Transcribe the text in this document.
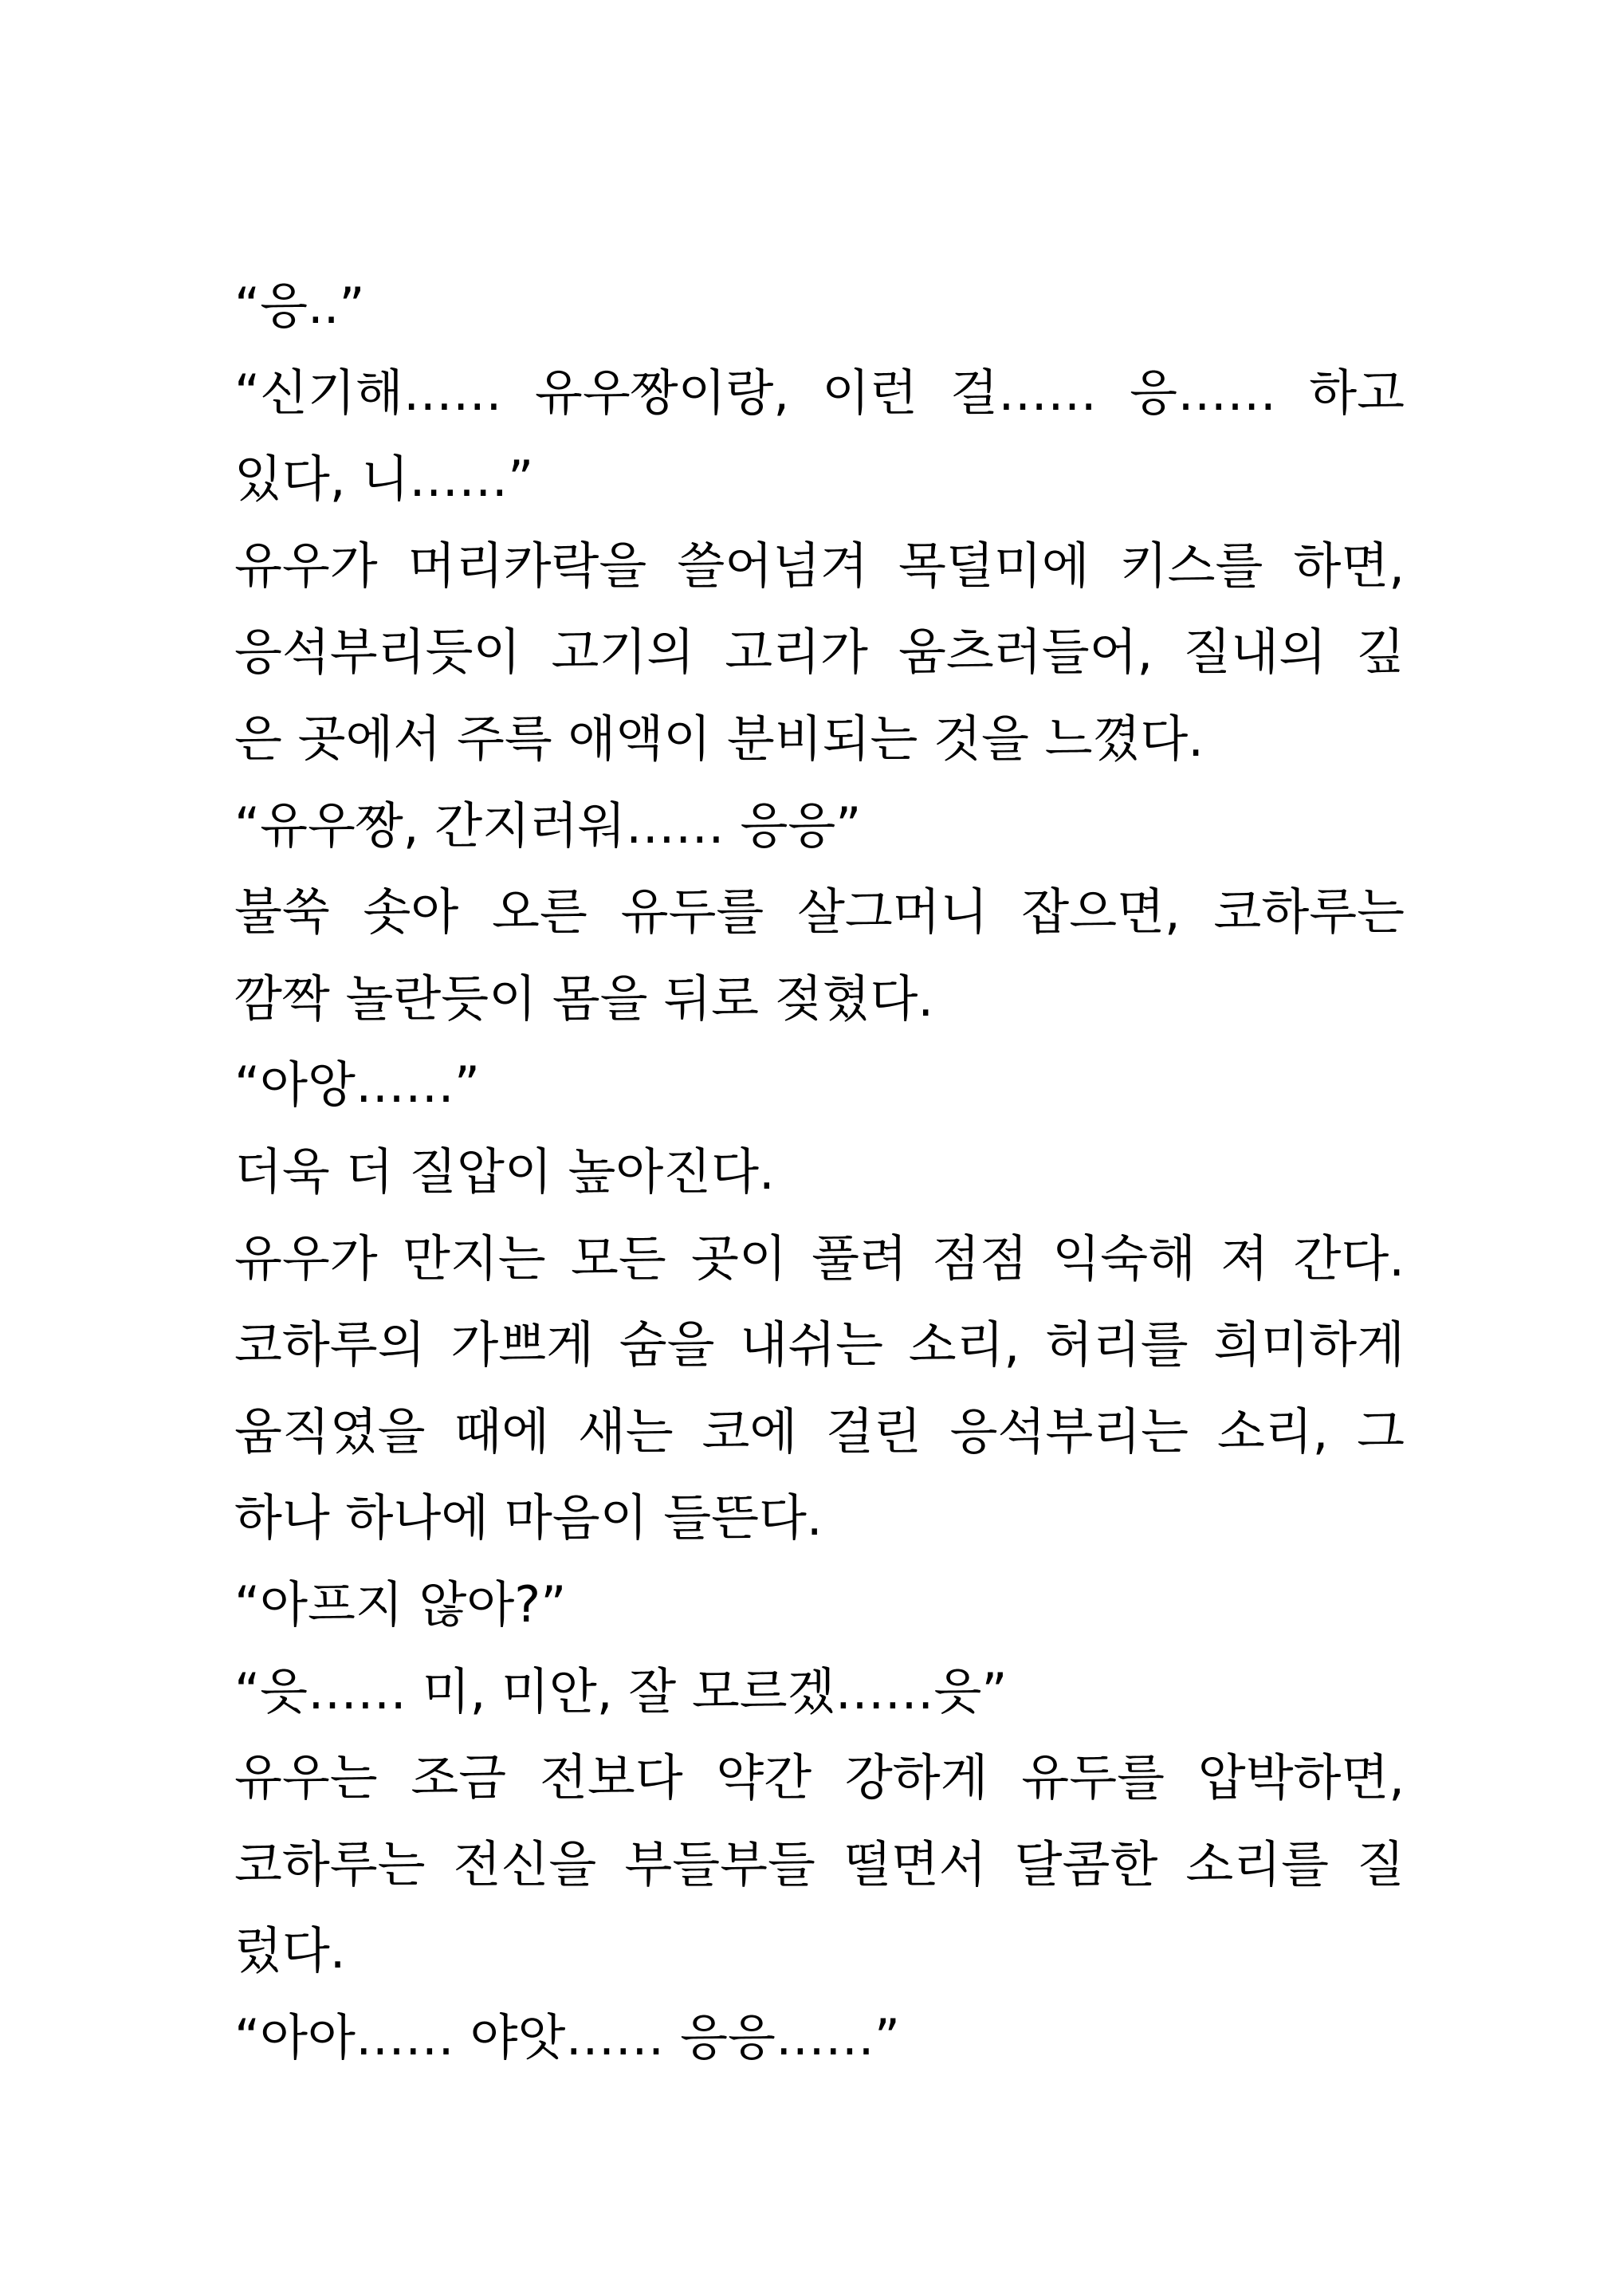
“응..”
“신기해…… 유우짱이랑, 이런 걸…… 응…… 하고
있다, 니……”
유우가 머리카락을 쓸어넘겨 목덜미에 키스를 하면,
응석부리듯이 고기의 고리가 움츠러들어, 질내의 깊
은 곳에서 주륵 애액이 분비되는 것을 느꼈다.
“유우짱, 간지러워…… 응응”
불쑥 솟아 오른 유두를 살그머니 잡으면, 코하루는
깜짝 놀란듯이 몸을 뒤로 젖혔다.
“아앙……”
더욱 더 질압이 높아진다.
유우가 만지는 모든 곳이 풀려 점점 익숙해 져 간다.
코하루의 가쁘게 숨을 내쉬는 소리, 허리를 희미하게
움직였을 때에 새는 코에 걸린 응석부리는 소리, 그
하나 하나에 마음이 들뜬다.
“아프지 않아?”
“읏…… 미, 미안, 잘 모르겠……읏”
유우는 조금 전보다 약간 강하게 유두를 압박하면,
코하루는 전신을 부들부들 떨면서 달콤한 소리를 질
렀다.
“아아…… 야앗…… 응응……”
